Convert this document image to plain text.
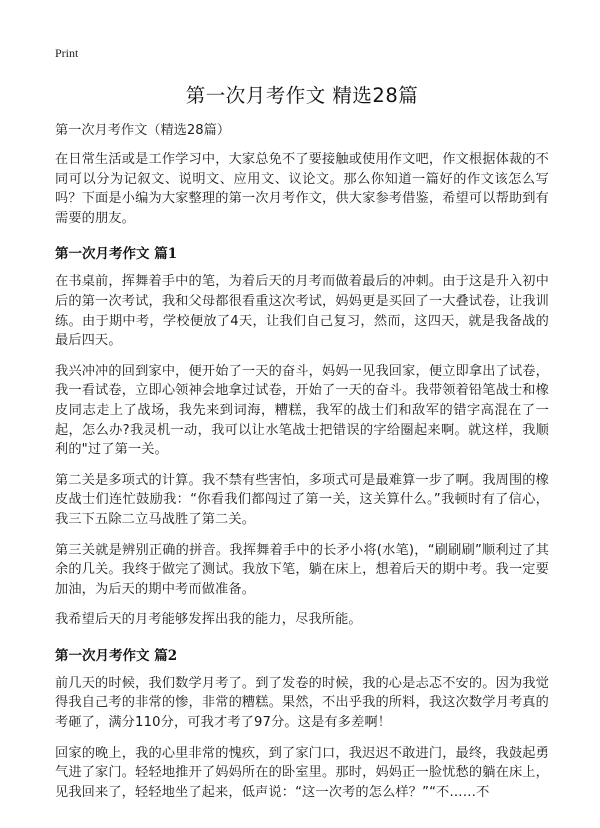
Print
第一次月考作文 精选28篇
第一次月考作文（精选28篇）

在日常生活或是工作学习中，大家总免不了要接触或使用作文吧，作文根据体裁的不同可以分为记叙文、说明文、应用文、议论文。那么你知道一篇好的作文该怎么写吗？下面是小编为大家整理的第一次月考作文，供大家参考借鉴，希望可以帮助到有需要的朋友。

第一次月考作文 篇1

在书桌前，挥舞着手中的笔，为着后天的月考而做着最后的冲刺。由于这是升入初中后的第一次考试，我和父母都很看重这次考试，妈妈更是买回了一大叠试卷，让我训练。由于期中考，学校便放了4天，让我们自己复习，然而，这四天，就是我备战的最后四天。

我兴冲冲的回到家中，便开始了一天的奋斗，妈妈一见我回家，便立即拿出了试卷，我一看试卷，立即心领神会地拿过试卷，开始了一天的奋斗。我带领着铅笔战士和橡皮同志走上了战场，我先来到词海，糟糕，我军的战士们和敌军的错字高混在了一起，怎么办?我灵机一动，我可以让水笔战士把错误的字给圈起来啊。就这样，我顺利的"过了第一关。

第二关是多项式的计算。我不禁有些害怕，多项式可是最难算一步了啊。我周围的橡皮战士们连忙鼓励我：“你看我们都闯过了第一关，这关算什么。”我顿时有了信心，我三下五除二立马战胜了第二关。

第三关就是辨别正确的拼音。我挥舞着手中的长矛小将(水笔)，“刷刷刷”顺利过了其余的几关。我终于做完了测试。我放下笔，躺在床上，想着后天的期中考。我一定要加油，为后天的期中考而做准备。

我希望后天的月考能够发挥出我的能力，尽我所能。

第一次月考作文 篇2

前几天的时候，我们数学月考了。到了发卷的时候，我的心是忐忑不安的。因为我觉得我自己考的非常的惨，非常的糟糕。果然，不出乎我的所料，我这次数学月考真的考砸了，满分110分，可我才考了97分。这是有多差啊！

回家的晚上，我的心里非常的愧疚，到了家门口，我迟迟不敢进门，最终，我鼓起勇气进了家门。轻轻地推开了妈妈所在的卧室里。那时，妈妈正一脸忧愁的躺在床上，见我回来了，轻轻地坐了起来，低声说：“这一次考的怎么样？”“不……不
